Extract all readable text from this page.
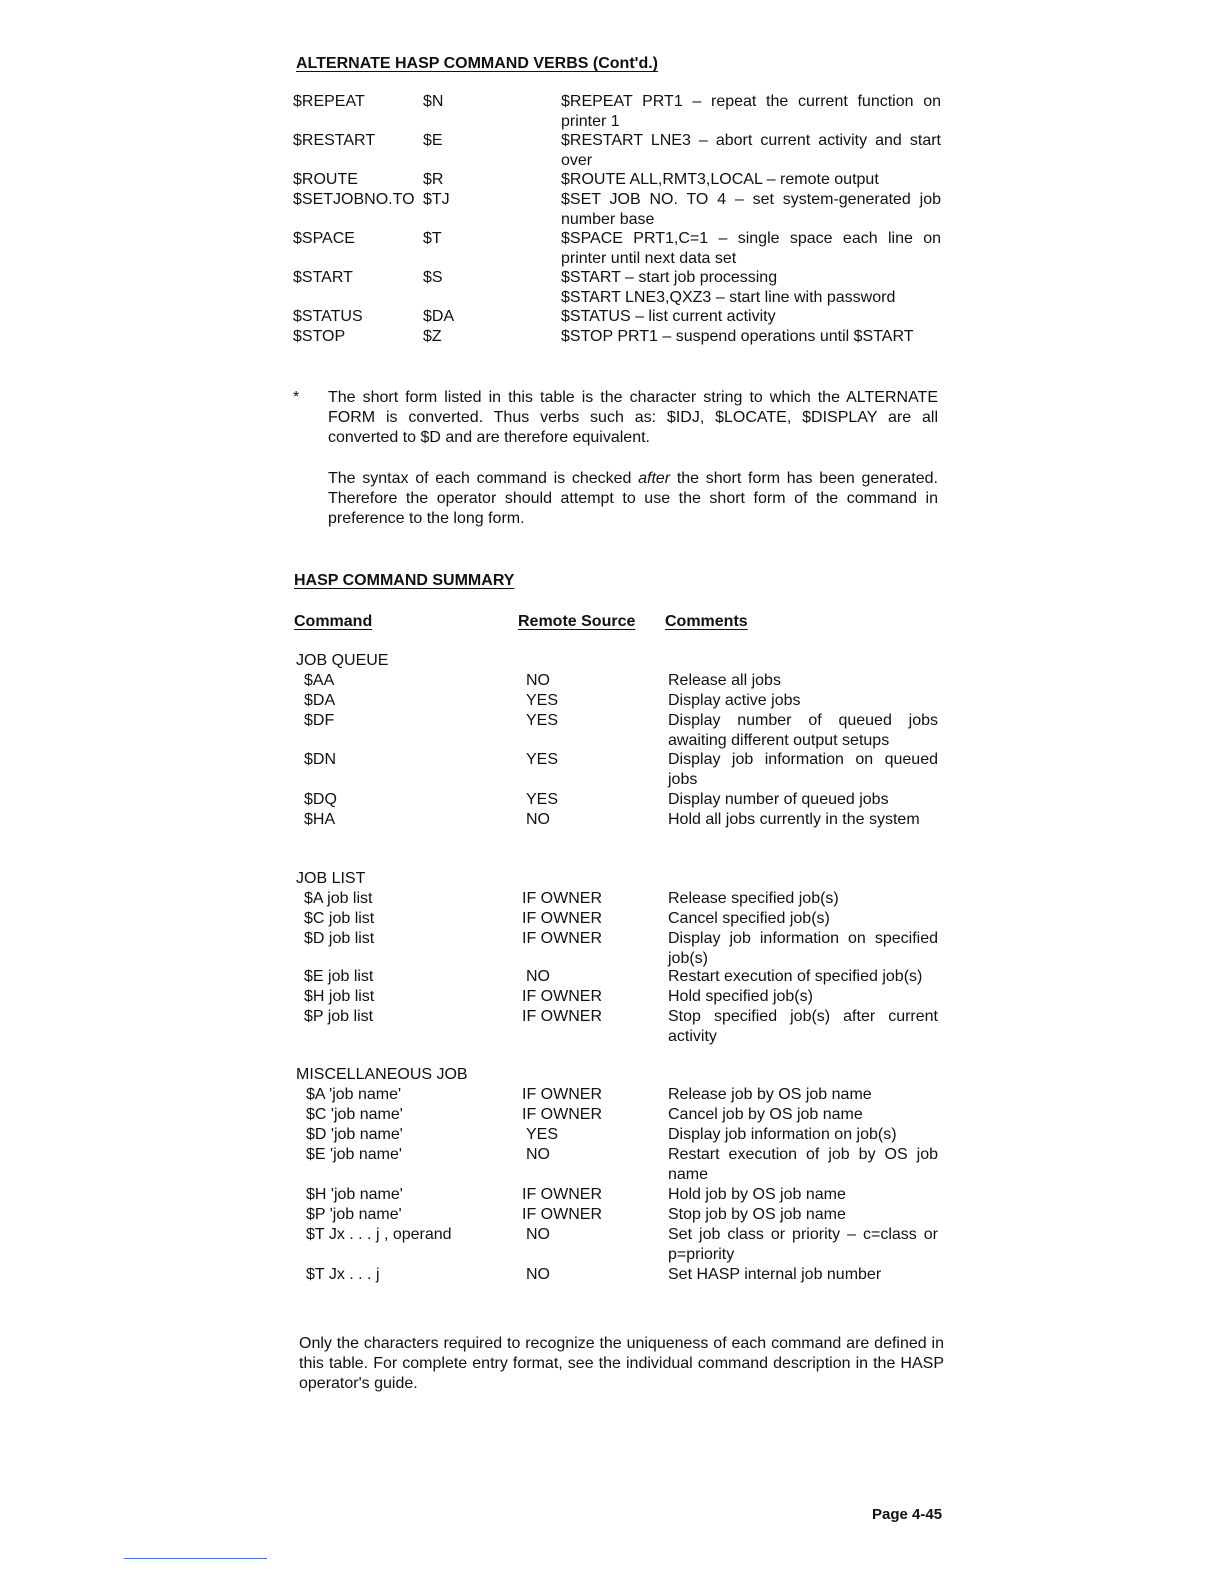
ALTERNATE HASP COMMAND VERBS (Cont'd.)
$REPEAT	$N	$REPEAT PRT1 – repeat the current function on printer 1
$RESTART	$E	$RESTART LNE3 – abort current activity and start over
$ROUTE	$R	$ROUTE ALL,RMT3,LOCAL – remote output
$SETJOBNO.TO $TJ	$SET JOB NO. TO 4 – set system-generated job number base
$SPACE	$T	$SPACE PRT1,C=1 – single space each line on printer until next data set
$START	$S	$START – start job processing
$START LNE3,QXZ3 – start line with password
$STATUS	$DA	$STATUS – list current activity
$STOP	$Z	$STOP PRT1 – suspend operations until $START
* The short form listed in this table is the character string to which the ALTERNATE FORM is converted. Thus verbs such as: $IDJ, $LOCATE, $DISPLAY are all converted to $D and are therefore equivalent.
The syntax of each command is checked after the short form has been generated. Therefore the operator should attempt to use the short form of the command in preference to the long form.
HASP COMMAND SUMMARY
Command	Remote Source Comments
JOB QUEUE
$AA	NO	Release all jobs
$DA	YES	Display active jobs
$DF	YES	Display number of queued jobs awaiting different output setups
$DN	YES	Display job information on queued jobs
$DQ	YES	Display number of queued jobs
$HA	NO	Hold all jobs currently in the system
JOB LIST
$A job list	IF OWNER	Release specified job(s)
$C job list	IF OWNER	Cancel specified job(s)
$D job list	IF OWNER	Display job information on specified job(s)
$E job list	NO	Restart execution of specified job(s)
$H job list	IF OWNER	Hold specified job(s)
$P job list	IF OWNER	Stop specified job(s) after current activity
MISCELLANEOUS JOB
$A 'job name'	IF OWNER	Release job by OS job name
$C 'job name'	IF OWNER	Cancel job by OS job name
$D 'job name'	YES	Display job information on job(s)
$E 'job name'	NO	Restart execution of job by OS job name
$H 'job name'	IF OWNER	Hold job by OS job name
$P 'job name'	IF OWNER	Stop job by OS job name
$T Jx . . . j , operand	NO	Set job class or priority – c=class or p=priority
$T Jx . . . j	NO	Set HASP internal job number
Only the characters required to recognize the uniqueness of each command are defined in this table. For complete entry format, see the individual command description in the HASP operator's guide.
Page 4-45
